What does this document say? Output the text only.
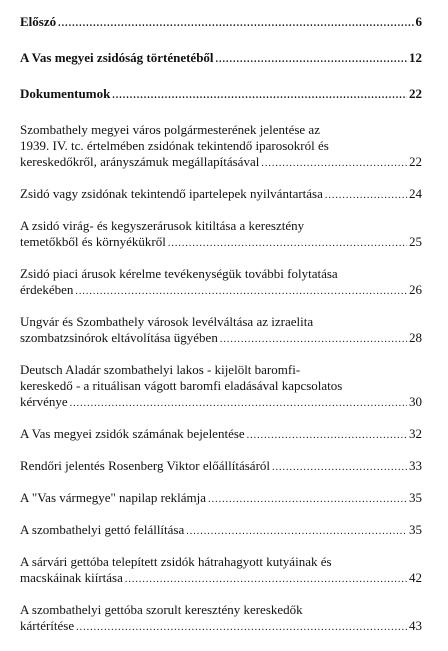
Előszó .....	6
A Vas megyei zsidóság történetéből .....	12
Dokumentumok .....	22
Szombathely megyei város polgármesterének jelentése az
1939. IV. tc. értelmében zsidónak tekintendő iparosokról és
kereskedőkről, arányszámuk megállapításával .....	22
Zsidó vagy zsidónak tekintendő ipartelepek nyilvántartása .....	24
A zsidó virág- és kegyszerárusok kitiltása a keresztény
temetőkből és környékükről .....	25
Zsidó piaci árusok kérelme tevékenységük további folytatása
érdekében .....	26
Ungvár és Szombathely városok levélváltása az izraelita
szombatzsinórok eltávolítása ügyében .....	28
Deutsch Aladár szombathelyi lakos - kijelölt baromfi-
kereskedő - a rituálisan vágott baromfi eladásával kapcsolatos
kérvénye .....	30
A Vas megyei zsidók számának bejelentése .....	32
Rendőri jelentés Rosenberg Viktor előállításáról .....	33
A "Vas vármegye" napilap reklámja .....	35
A szombathelyi gettó felállítása .....	35
A sárvári gettóba telepített zsidók hátrahagyott kutyáinak és
macskáinak kiírtása .....	42
A szombathelyi gettóba szorult keresztény kereskedők
kártérítése .....	43
